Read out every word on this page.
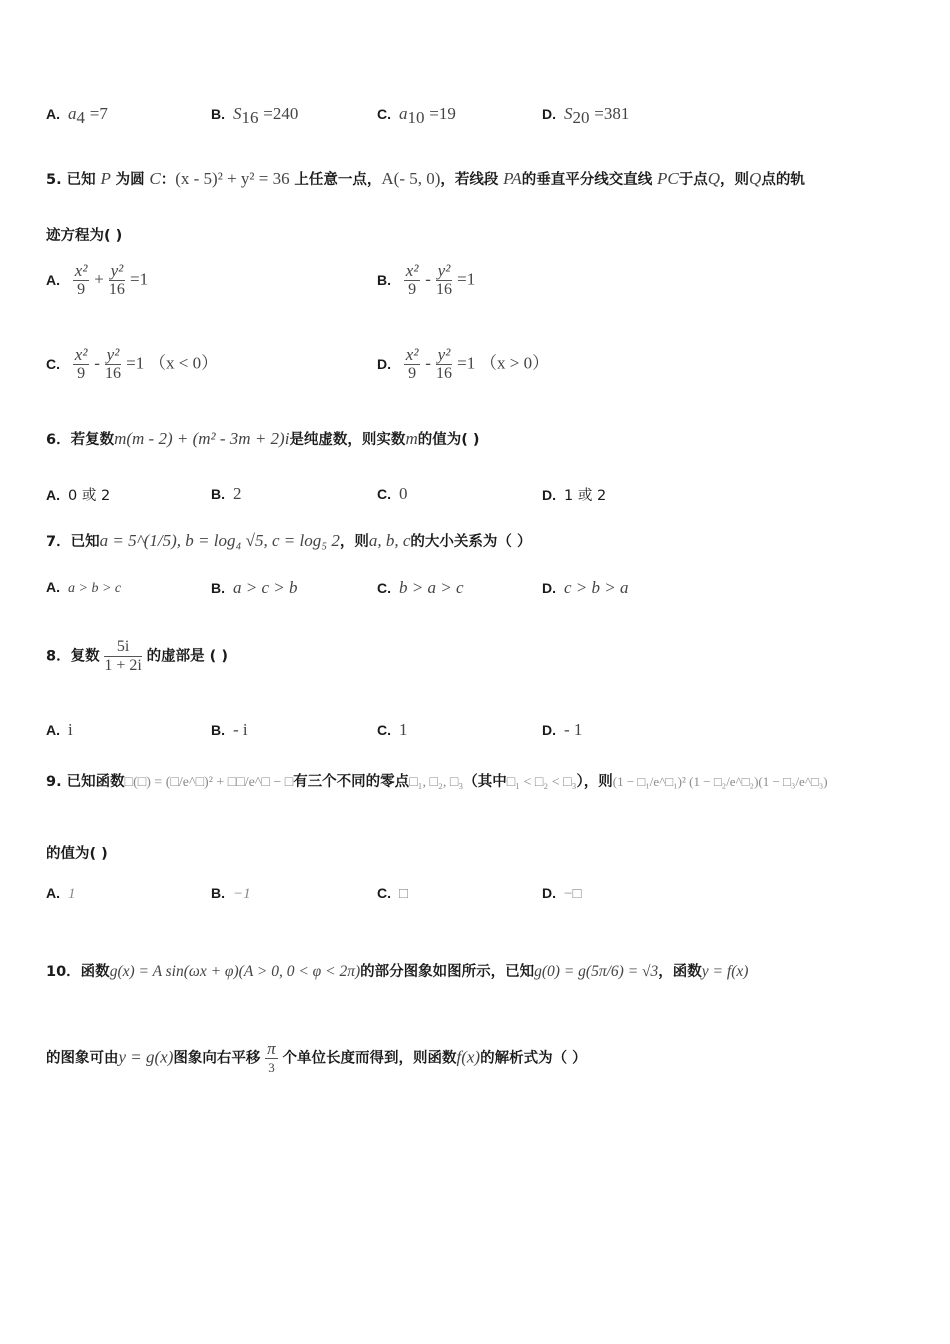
A. $a_4 =7$	B. $S_{16} =240$	C. $a_{10} =19$	D. $S_{20} =381$
5. 已知 P 为圆 C：(x - 5)² + y² = 36 上任意一点，A(- 5, 0)，若线段 PA的垂直平分线交直线 PC于点Q，则Q点的轨
迹方程为( )
A. $\frac{\text{x²}}{9} + \frac{\text{y²}}{16} =1$	B. $\frac{\text{x²}}{9} - \frac{\text{y²}}{16} =1$
C. $\frac{\text{x²}}{9} - \frac{\text{y²}}{16} =1$ （x < 0）	D. $\frac{\text{x²}}{9} - \frac{\text{y²}}{16} =1$ （x > 0）
6．若复数m(m - 2) + (m² - 3m + 2)i是纯虚数，则实数m的值为( )
A. 0 或 2	B. 2	C. 0	D. 1 或 2
7．已知a = 5^(1/5), b = log₄ √5, c = log₅ 2，则a, b, c的大小关系为（ ）
A. a > b > c	B. a > c > b	C. b > a > c	D. c > b > a
8．复数 $\frac{5i}{1 + 2i}$ 的虚部是 ( )
A. i	B. - i	C. 1	D. - 1
9. 已知函数□(□) = (□/e^□)² + □□/e^□ − □有三个不同的零点□₁, □₂, □₃（其中□₁ < □₂ < □₃），则(1 − □₁/e^□₁)² (1 − □₂/e^□₂)(1 − □₃/e^□₃)
的值为( )
A. 1	B. −1	C. □	D. −□
10．函数g(x) = A sin(ωx + φ)(A > 0, 0 < φ < 2π)的部分图象如图所示，已知g(0) = g(5π/6) = √3，函数y = f(x)
的图象可由y = g(x)图象向右平移 $\frac{\pi}{3}$ 个单位长度而得到，则函数f(x)的解析式为（ ）
